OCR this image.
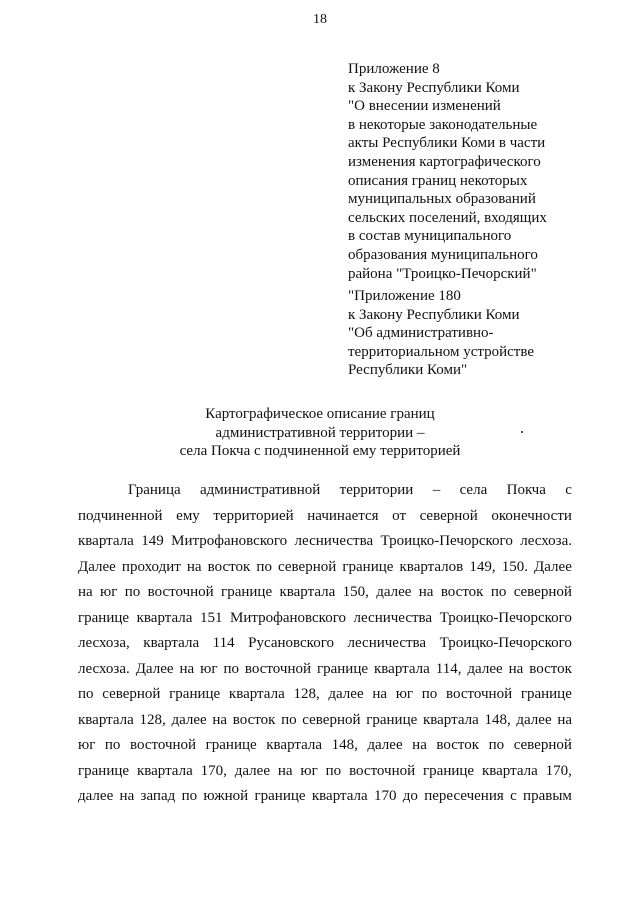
18
Приложение 8
к Закону Республики Коми
"О внесении изменений
в некоторые законодательные
акты Республики Коми в части
изменения картографического
описания границ некоторых
муниципальных образований
сельских поселений, входящих
в состав муниципального
образования муниципального
района "Троицко-Печорский"
"Приложение 180
к Закону Республики Коми
"Об административно-
территориальном устройстве
Республики Коми"
Картографическое описание границ
административной территории –
села Покча с подчиненной ему территорией
Граница административной территории – села Покча с
подчиненной ему территорией начинается от северной оконечности
квартала 149 Митрофановского лесничества Троицко-Печорского лесхоза.
Далее проходит на восток по северной границе кварталов 149, 150. Далее
на юг по восточной границе квартала 150, далее на восток по северной
границе квартала 151 Митрофановского лесничества Троицко-Печорского
лесхоза, квартала 114 Русановского лесничества Троицко-Печорского
лесхоза. Далее на юг по восточной границе квартала 114, далее на восток
по северной границе квартала 128, далее на юг по восточной границе
квартала 128, далее на восток по северной границе квартала 148, далее на
юг по восточной границе квартала 148, далее на восток по северной
границе квартала 170, далее на юг по восточной границе квартала 170,
далее на запад по южной границе квартала 170 до пересечения с правым
